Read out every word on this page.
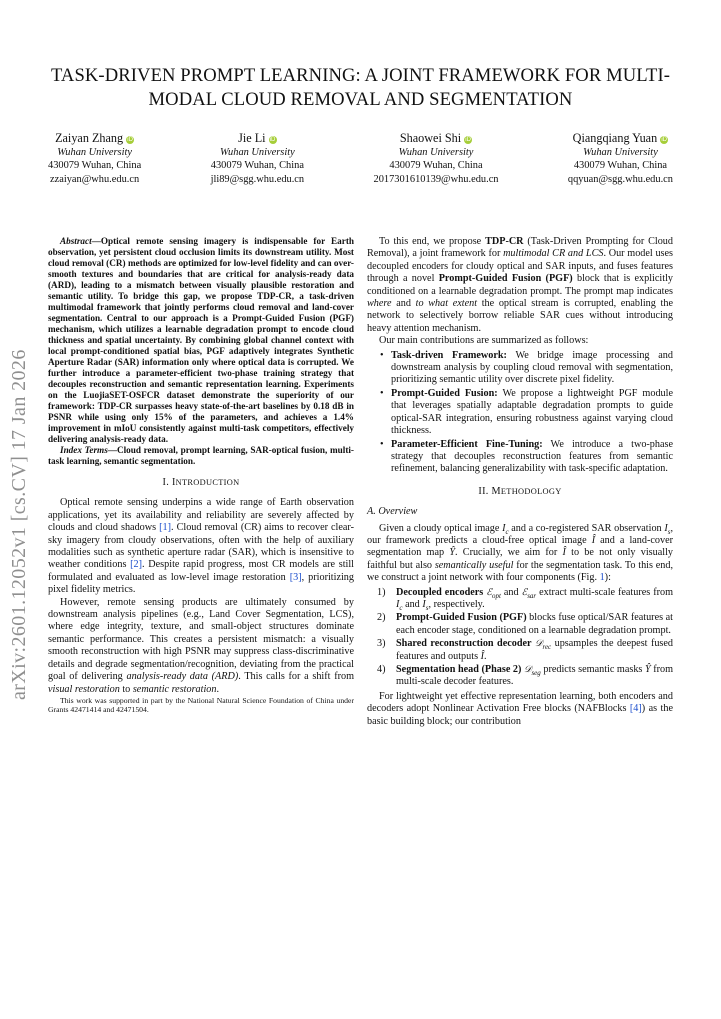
TASK-DRIVEN PROMPT LEARNING: A JOINT FRAMEWORK FOR MULTI-MODAL CLOUD REMOVAL AND SEGMENTATION
Zaiyan Zhang iD
Wuhan University
430079 Wuhan, China
zzaiyan@whu.edu.cn
Jie Li iD
Wuhan University
430079 Wuhan, China
jli89@sgg.whu.edu.cn
Shaowei Shi iD
Wuhan University
430079 Wuhan, China
2017301610139@whu.edu.cn
Qiangqiang Yuan iD
Wuhan University
430079 Wuhan, China
qqyuan@sgg.whu.edu.cn
arXiv:2601.12052v1 [cs.CV] 17 Jan 2026

Abstract—Optical remote sensing imagery is indispensable for Earth observation, yet persistent cloud occlusion limits its downstream utility. Most cloud removal (CR) methods are optimized for low-level fidelity and can over-smooth textures and boundaries that are critical for analysis-ready data (ARD), leading to a mismatch between visually plausible restoration and semantic utility. To bridge this gap, we propose TDP-CR, a task-driven multimodal framework that jointly performs cloud removal and land-cover segmentation. Central to our approach is a Prompt-Guided Fusion (PGF) mechanism, which utilizes a learnable degradation prompt to encode cloud thickness and spatial uncertainty. By combining global channel context with local prompt-conditioned spatial bias, PGF adaptively integrates Synthetic Aperture Radar (SAR) information only where optical data is corrupted. We further introduce a parameter-efficient two-phase training strategy that decouples reconstruction and semantic representation learning. Experiments on the LuojiaSET-OSFCR dataset demonstrate the superiority of our framework: TDP-CR surpasses heavy state-of-the-art baselines by 0.18 dB in PSNR while using only 15% of the parameters, and achieves a 1.4% improvement in mIoU consistently against multi-task competitors, effectively delivering analysis-ready data.

Index Terms—Cloud removal, prompt learning, SAR-optical fusion, multi-task learning, semantic segmentation.

I. INTRODUCTION

Optical remote sensing underpins a wide range of Earth observation applications, yet its availability and reliability are severely affected by clouds and cloud shadows [1]. Cloud removal (CR) aims to recover clear-sky imagery from cloudy observations, often with the help of auxiliary modalities such as synthetic aperture radar (SAR), which is insensitive to weather conditions [2]. Despite rapid progress, most CR models are still formulated and evaluated as low-level image restoration [3], prioritizing pixel fidelity metrics.

However, remote sensing products are ultimately consumed by downstream analysis pipelines (e.g., Land Cover Segmentation, LCS), where edge integrity, texture, and small-object structures dominate semantic performance. This creates a persistent mismatch: a visually smooth reconstruction with high PSNR may suppress class-discriminative details and degrade segmentation/recognition, deviating from the practical goal of delivering analysis-ready data (ARD). This calls for a shift from visual restoration to semantic restoration.

This work was supported in part by the National Natural Science Foundation of China under Grants 42471414 and 42471504.

To this end, we propose TDP-CR (Task-Driven Prompting for Cloud Removal), a joint framework for multimodal CR and LCS. Our model uses decoupled encoders for cloudy optical and SAR inputs, and fuses features through a novel Prompt-Guided Fusion (PGF) block that is explicitly conditioned on a learnable degradation prompt. The prompt map indicates where and to what extent the optical stream is corrupted, enabling the network to selectively borrow reliable SAR cues without introducing heavy attention mechanism.

Our main contributions are summarized as follows:

• Task-driven Framework: We bridge image processing and downstream analysis by coupling cloud removal with segmentation, prioritizing semantic utility over discrete pixel fidelity.
• Prompt-Guided Fusion: We propose a lightweight PGF module that leverages spatially adaptable degradation prompts to guide optical-SAR integration, ensuring robustness against varying cloud thickness.
• Parameter-Efficient Fine-Tuning: We introduce a two-phase strategy that decouples reconstruction features from semantic refinement, balancing generalizability with task-specific adaptation.
II. METHODOLOGY
A. Overview

Given a cloudy optical image $I_c$ and a co-registered SAR observation $I_s$, our framework predicts a cloud-free optical image Î and a land-cover segmentation map Ŷ. Crucially, we aim for Î to be not only visually faithful but also semantically useful for the segmentation task. To this end, we construct a joint network with four components (Fig. 1):

1) Decoupled encoders ℰ$_{opt}$ and ℰ$_{sar}$ extract multi-scale features from $I_c$ and $I_s$, respectively.
2) Prompt-Guided Fusion (PGF) blocks fuse optical/SAR features at each encoder stage, conditioned on a learnable degradation prompt.
3) Shared reconstruction decoder 𝒟$_{rec}$ upsamples the deepest fused features and outputs Î.
4) Segmentation head (Phase 2) 𝒟$_{seg}$ predicts semantic masks Ŷ from multi-scale decoder features.

For lightweight yet effective representation learning, both encoders and decoders adopt Nonlinear Activation Free blocks (NAFBlocks [4]) as the basic building block; our contribution
